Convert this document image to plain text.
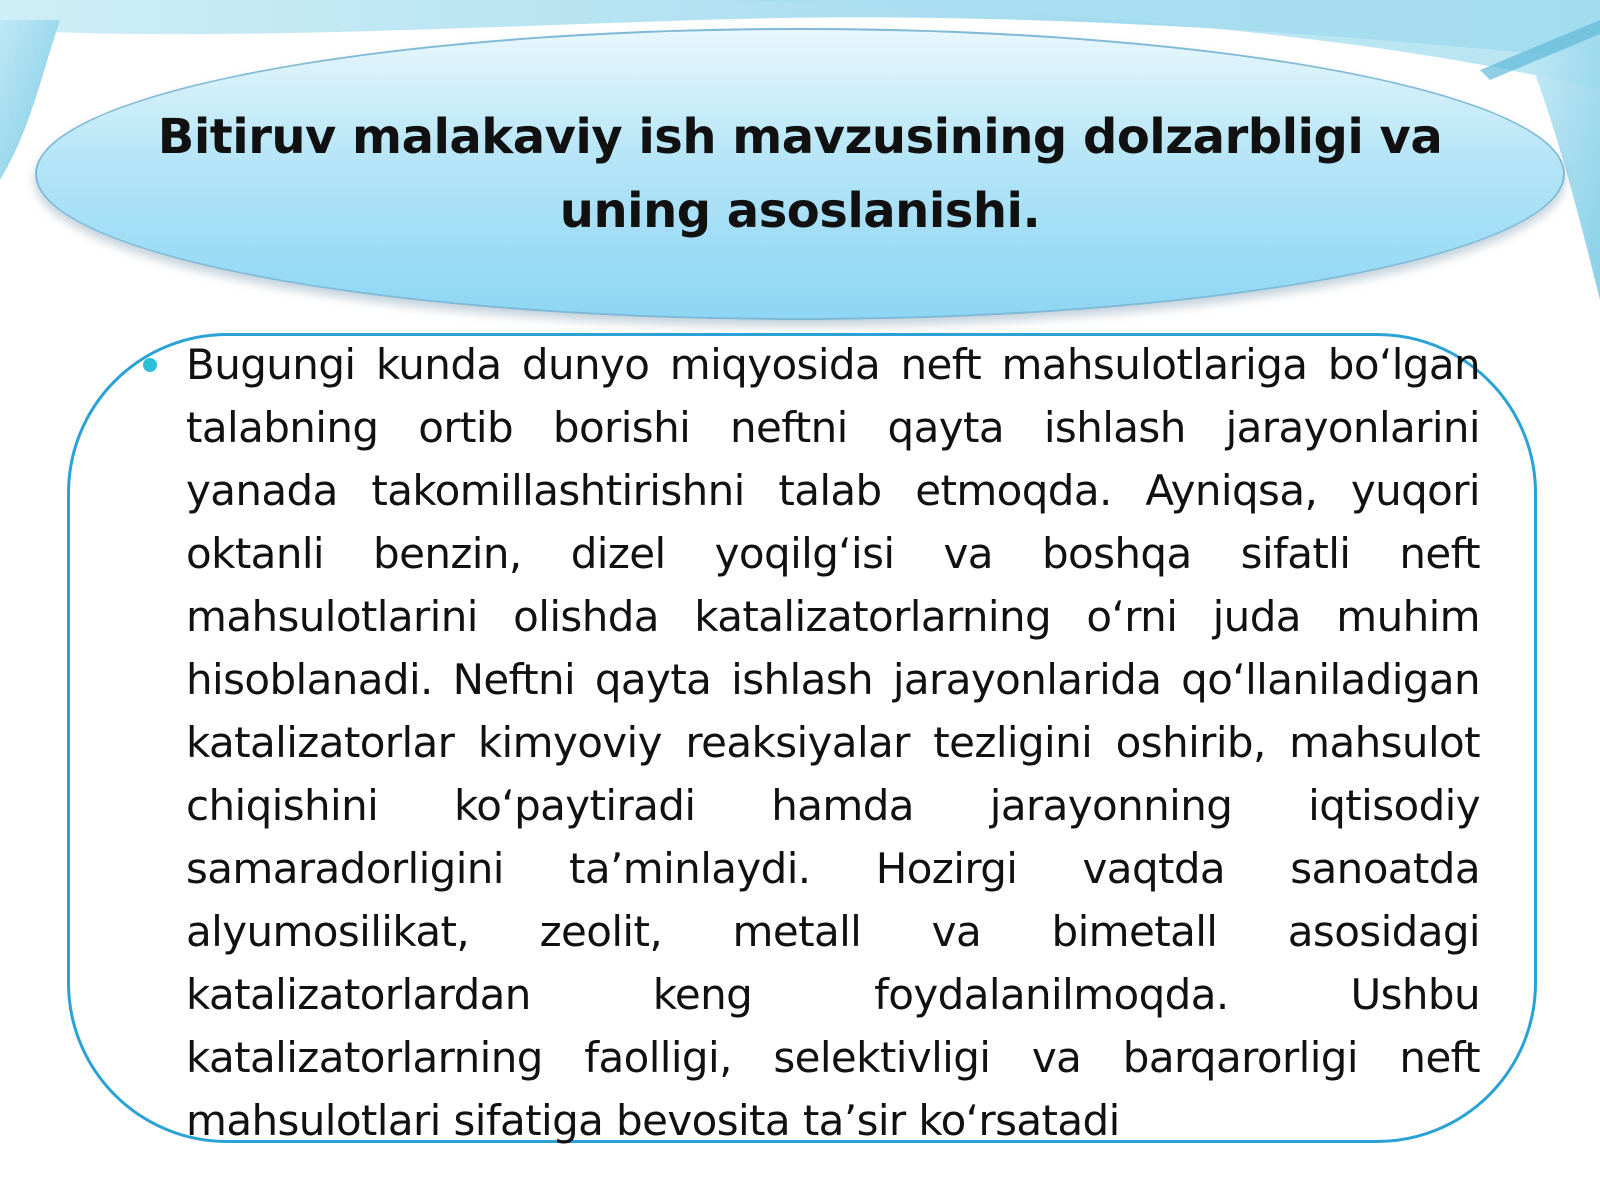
Bitiruv malakaviy ish mavzusining dolzarbligi va uning asoslanishi.

Bugungi kunda dunyo miqyosida neft mahsulotlariga bo‘lgan talabning ortib borishi neftni qayta ishlash jarayonlarini yanada takomillashtirishni talab etmoqda. Ayniqsa, yuqori oktanli benzin, dizel yoqilg‘isi va boshqa sifatli neft mahsulotlarini olishda katalizatorlarning o‘rni juda muhim hisoblanadi. Neftni qayta ishlash jarayonlarida qo‘llaniladigan katalizatorlar kimyoviy reaksiyalar tezligini oshirib, mahsulot chiqishini ko‘paytiradi hamda jarayonning iqtisodiy samaradorligini ta’minlaydi. Hozirgi vaqtda sanoatda alyumosilikat, zeolit, metall va bimetall asosidagi katalizatorlardan keng foydalanilmoqda. Ushbu katalizatorlarning faolligi, selektivligi va barqarorligi neft mahsulotlari sifatiga bevosita ta’sir ko‘rsatadi
